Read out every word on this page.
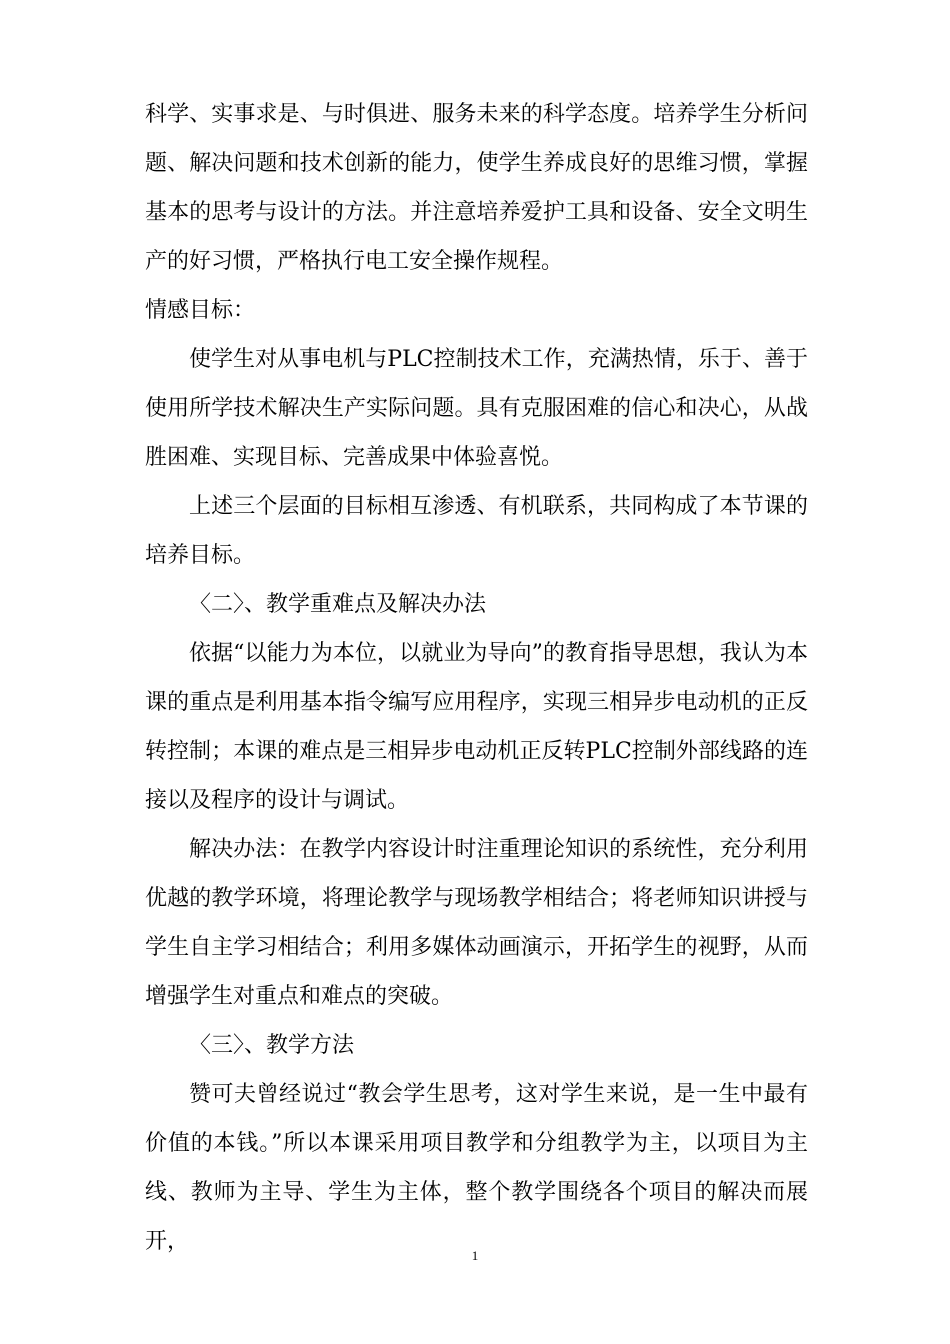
科学、实事求是、与时俱进、服务未来的科学态度。培养学生分析问题、解决问题和技术创新的能力，使学生养成良好的思维习惯，掌握基本的思考与设计的方法。并注意培养爱护工具和设备、安全文明生产的好习惯，严格执行电工安全操作规程。

情感目标：

使学生对从事电机与PLC控制技术工作，充满热情，乐于、善于使用所学技术解决生产实际问题。具有克服困难的信心和决心，从战胜困难、实现目标、完善成果中体验喜悦。

上述三个层面的目标相互渗透、有机联系，共同构成了本节课的培养目标。

〈二〉、教学重难点及解决办法

依据“以能力为本位，以就业为导向”的教育指导思想，我认为本课的重点是利用基本指令编写应用程序，实现三相异步电动机的正反转控制；本课的难点是三相异步电动机正反转PLC控制外部线路的连接以及程序的设计与调试。

解决办法：在教学内容设计时注重理论知识的系统性，充分利用优越的教学环境，将理论教学与现场教学相结合；将老师知识讲授与学生自主学习相结合；利用多媒体动画演示，开拓学生的视野，从而增强学生对重点和难点的突破。

〈三〉、教学方法

赞可夫曾经说过“教会学生思考，这对学生来说，是一生中最有价值的本钱。”所以本课采用项目教学和分组教学为主，以项目为主线、教师为主导、学生为主体，整个教学围绕各个项目的解决而展开，

1
